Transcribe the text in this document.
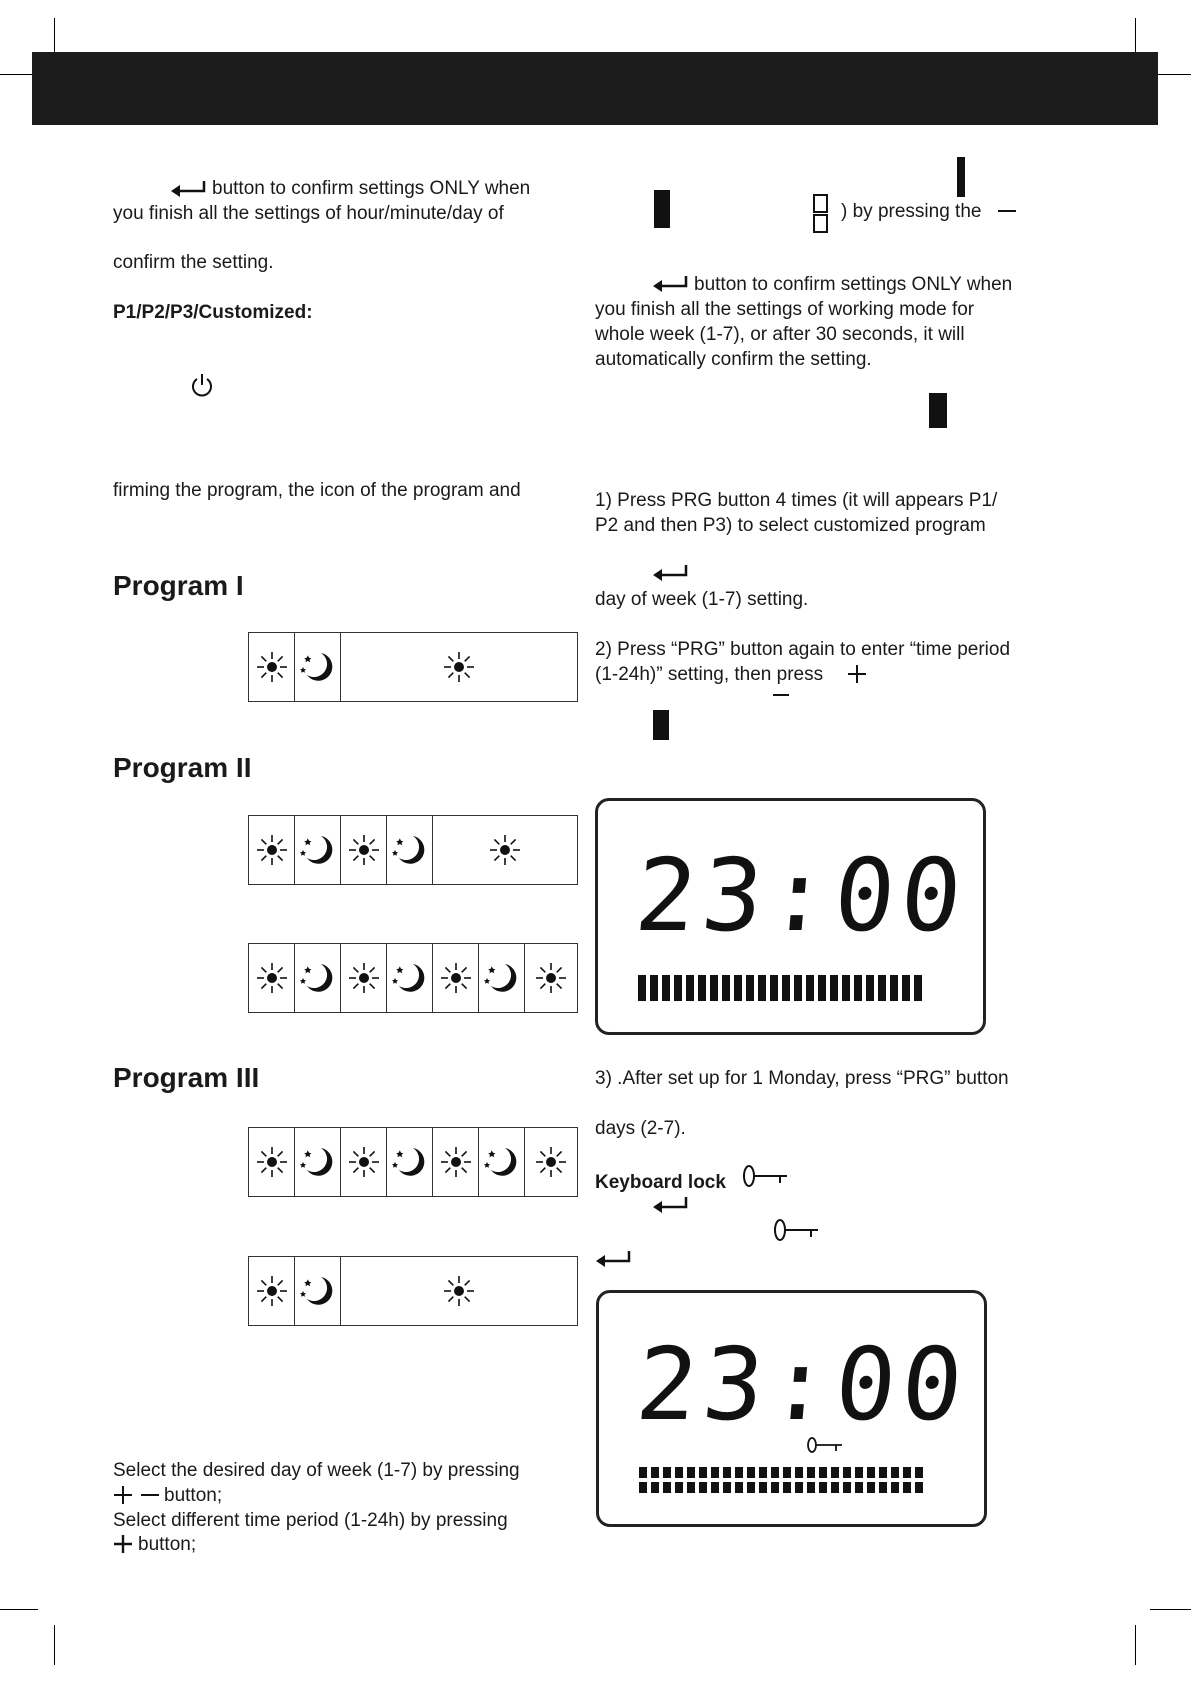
button to confirm settings ONLY when
you finish all the settings of hour/minute/day of
confirm the setting.
P1/P2/P3/Customized:
firming the program, the icon of the program and
Program I
Program II
Program III
Select the desired day of week (1-7) by pressing
button;
Select different time period (1-24h) by pressing
button;
) by pressing the
button to confirm settings ONLY when
you finish all the settings of working mode for
whole week (1-7), or after 30 seconds, it will
automatically confirm the setting.
1) Press PRG button 4 times (it will appears P1/
P2 and then P3) to select customized program
day of week (1-7) setting.
2) Press “PRG” button again to enter “time period
(1-24h)” setting, then press
23:00
3) .After set up for 1 Monday, press “PRG” button
days (2-7).
Keyboard lock
23:00
